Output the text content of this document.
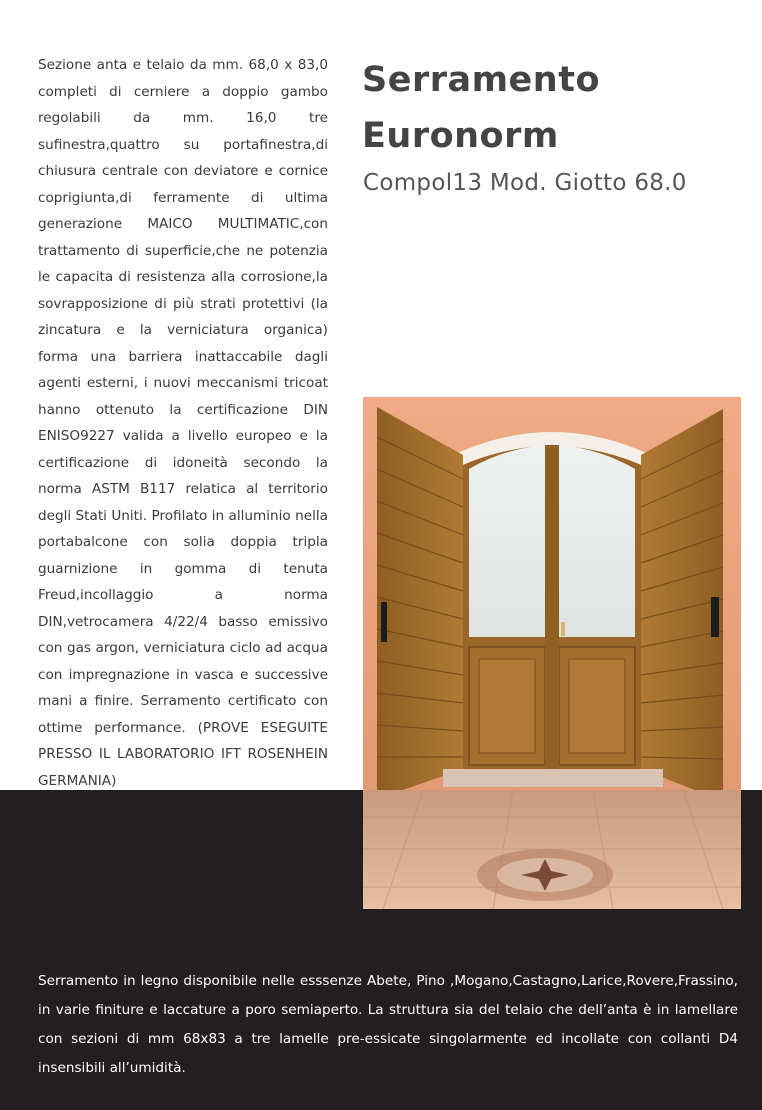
Sezione anta e telaio da mm. 68,0 x 83,0 completi di cerniere a doppio gambo regolabili da mm. 16,0 tre sufinestra,quattro su portafinestra,di chiusura centrale con deviatore e cornice coprigiunta,di ferramente di ultima generazione MAICO MULTIMATIC,con trattamento di superficie,che ne potenzia le capacita di resistenza alla corrosione,la sovrapposizione di più strati protettivi (la zincatura e la verniciatura organica) forma una barriera inattaccabile dagli agenti esterni, i nuovi meccanismi tricoat hanno ottenuto la certificazione DIN ENISO9227 valida a livello europeo e la certificazione di idoneità secondo la norma ASTM B117 relatica al territorio degli Stati Uniti. Profilato in alluminio nella portabalcone con solia doppia tripla guarnizione in gomma di tenuta Freud,incollaggio a norma DIN,vetrocamera 4/22/4 basso emissivo con gas argon, verniciatura ciclo ad acqua con impregnazione in vasca e successive mani a finire. Serramento certificato con ottime performance. (PROVE ESEGUITE PRESSO IL LABORATORIO IFT ROSENHEIN GERMANIA)
Serramento
Euronorm
Compol13 Mod. Giotto 68.0
Serramento in legno disponibile nelle esssenze Abete, Pino ,Mogano,Castagno,Larice,Rovere,Frassino, in varie finiture e laccature a poro semiaperto. La struttura sia del telaio che dell’anta è in lamellare con sezioni di mm 68x83 a tre lamelle pre-essicate singolarmente ed incollate con collanti D4 insensibili all’umidità.
